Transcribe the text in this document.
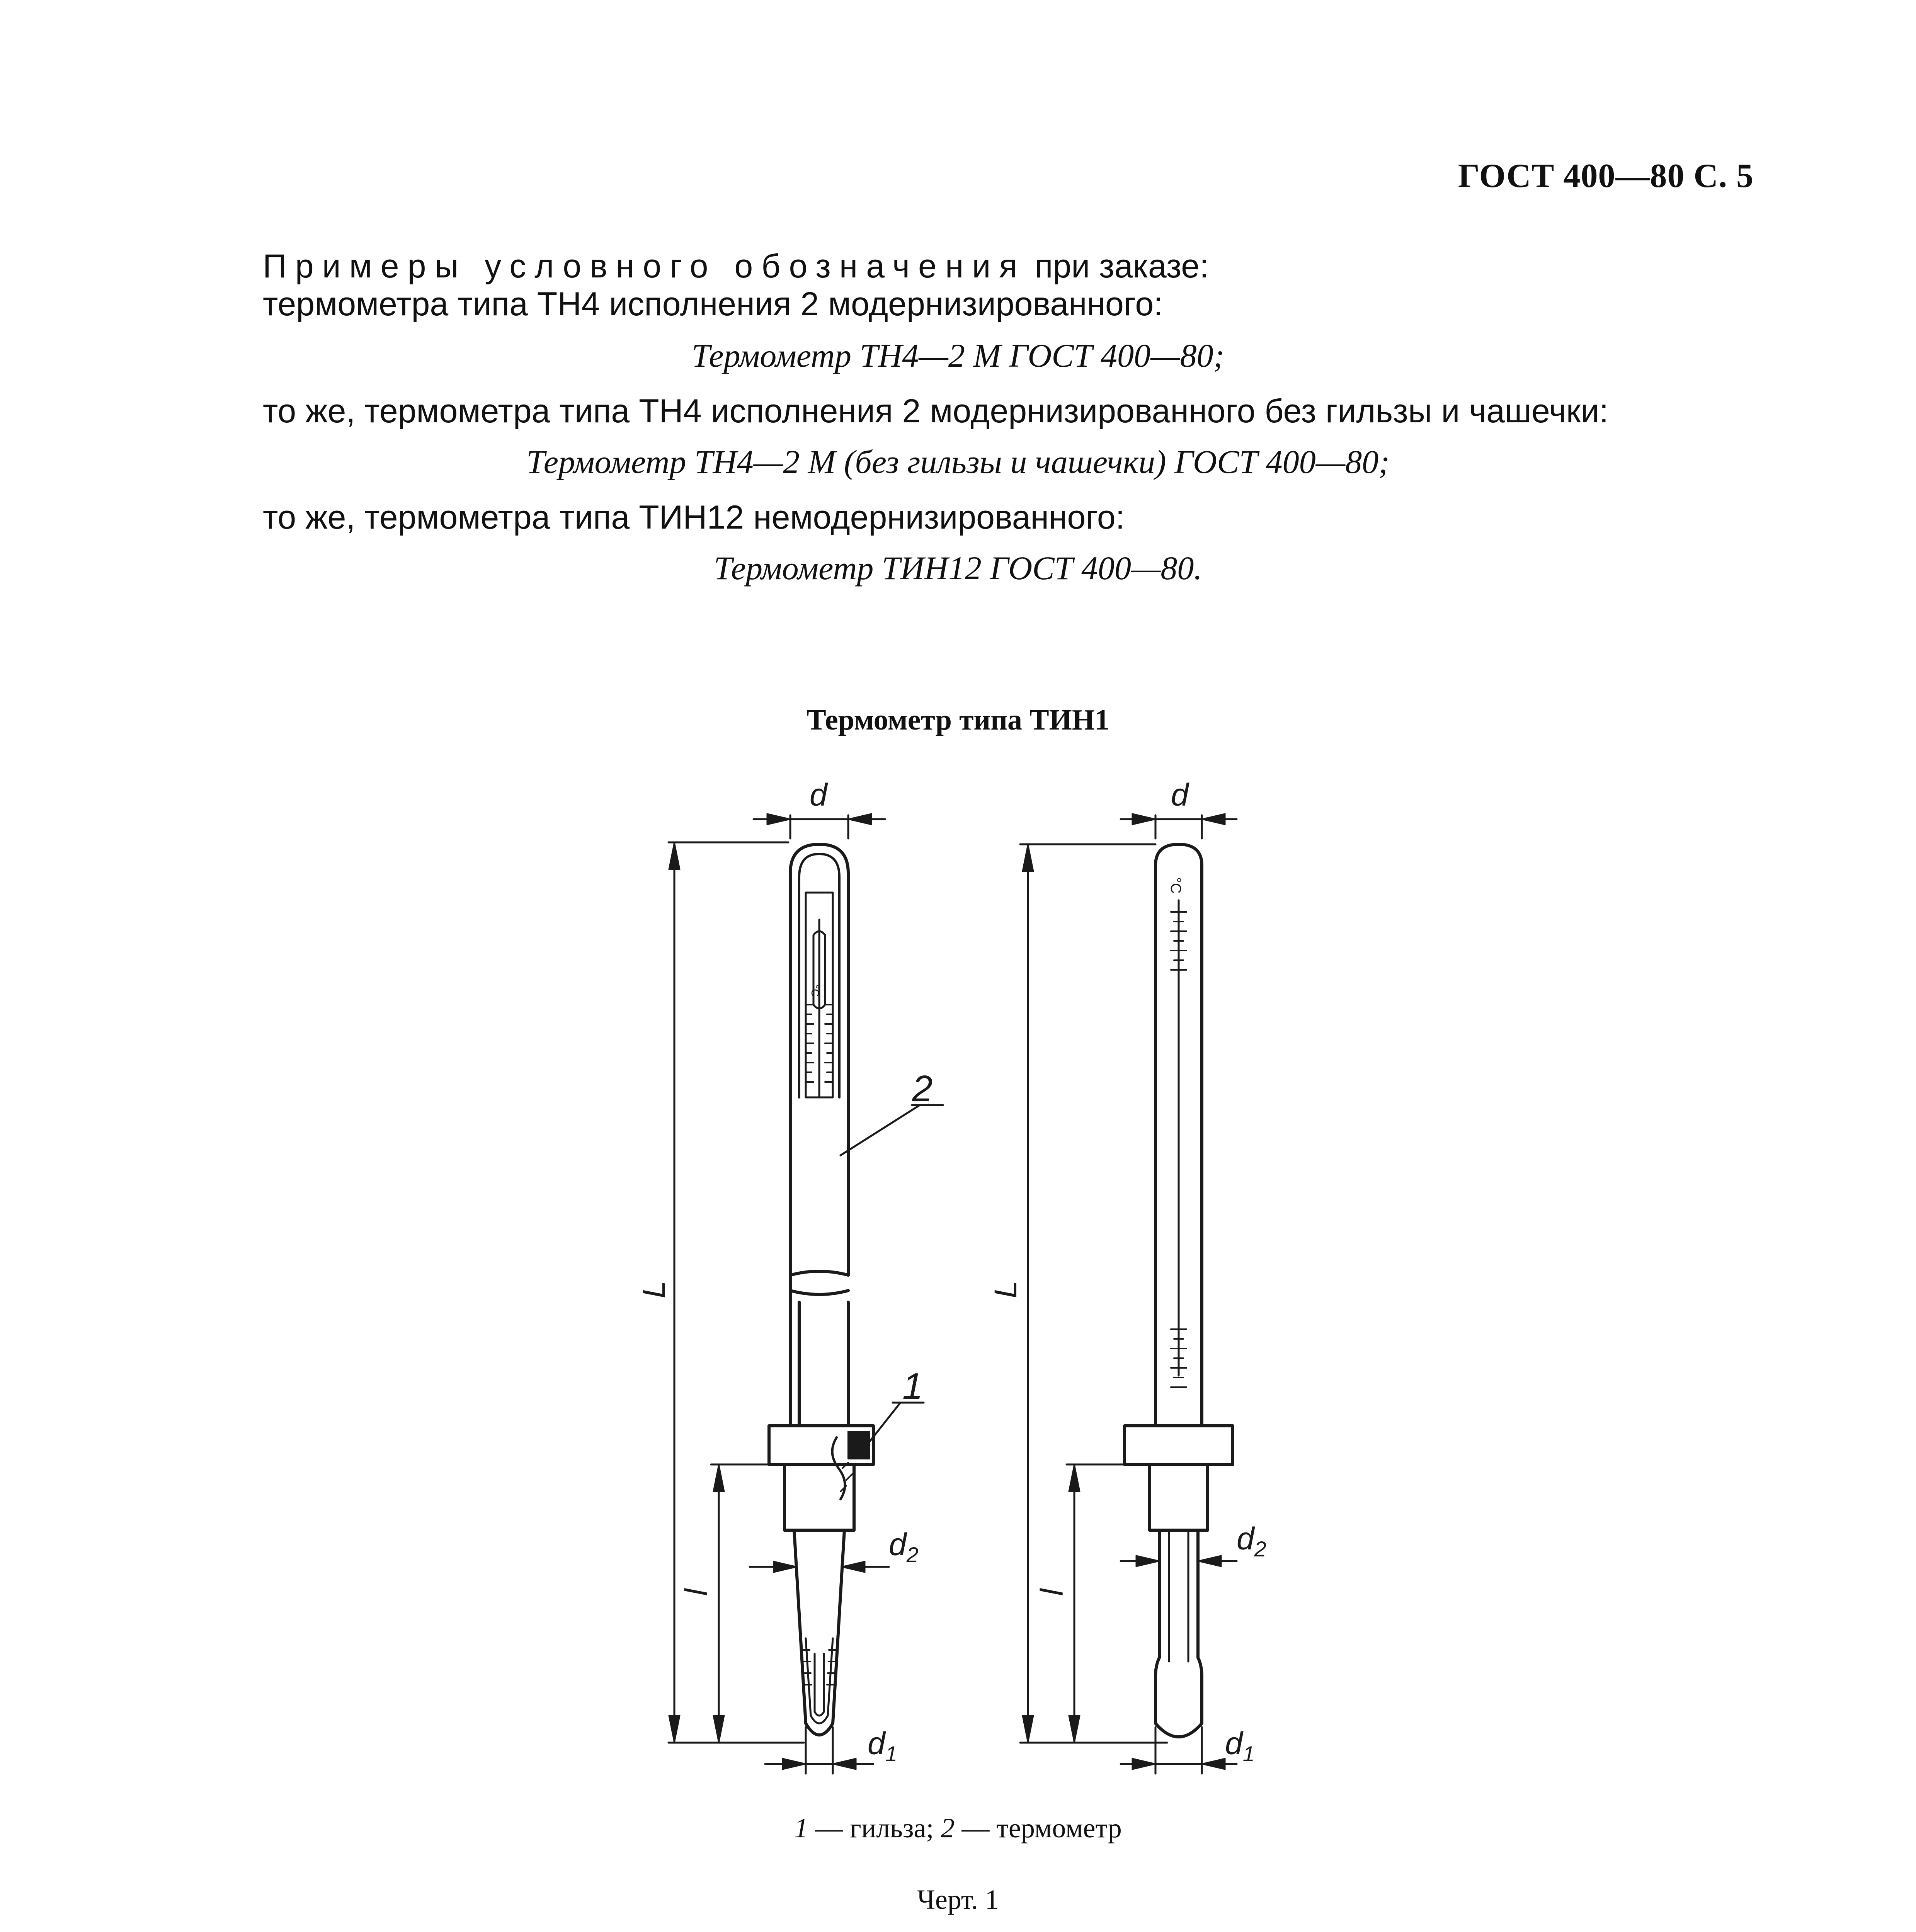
ГОСТ 400—80 С. 5
Примеры условного обозначения при заказе:
термометра типа ТН4 исполнения 2 модернизированного:
Термометр ТН4—2 М ГОСТ 400—80;
то же, термометра типа ТН4 исполнения 2 модернизированного без гильзы и чашечки:
Термометр ТН4—2 М (без гильзы и чашечки) ГОСТ 400—80;
то же, термометра типа ТИН12 немодернизированного:
Термометр ТИН12 ГОСТ 400—80.
Термометр типа ТИН1
d	d
L	L
l	l
2
1
$d_2$	$d_2$
$d_1$	$d_1$
°C
°C
1 — гильза; 2 — термометр
Черт. 1
